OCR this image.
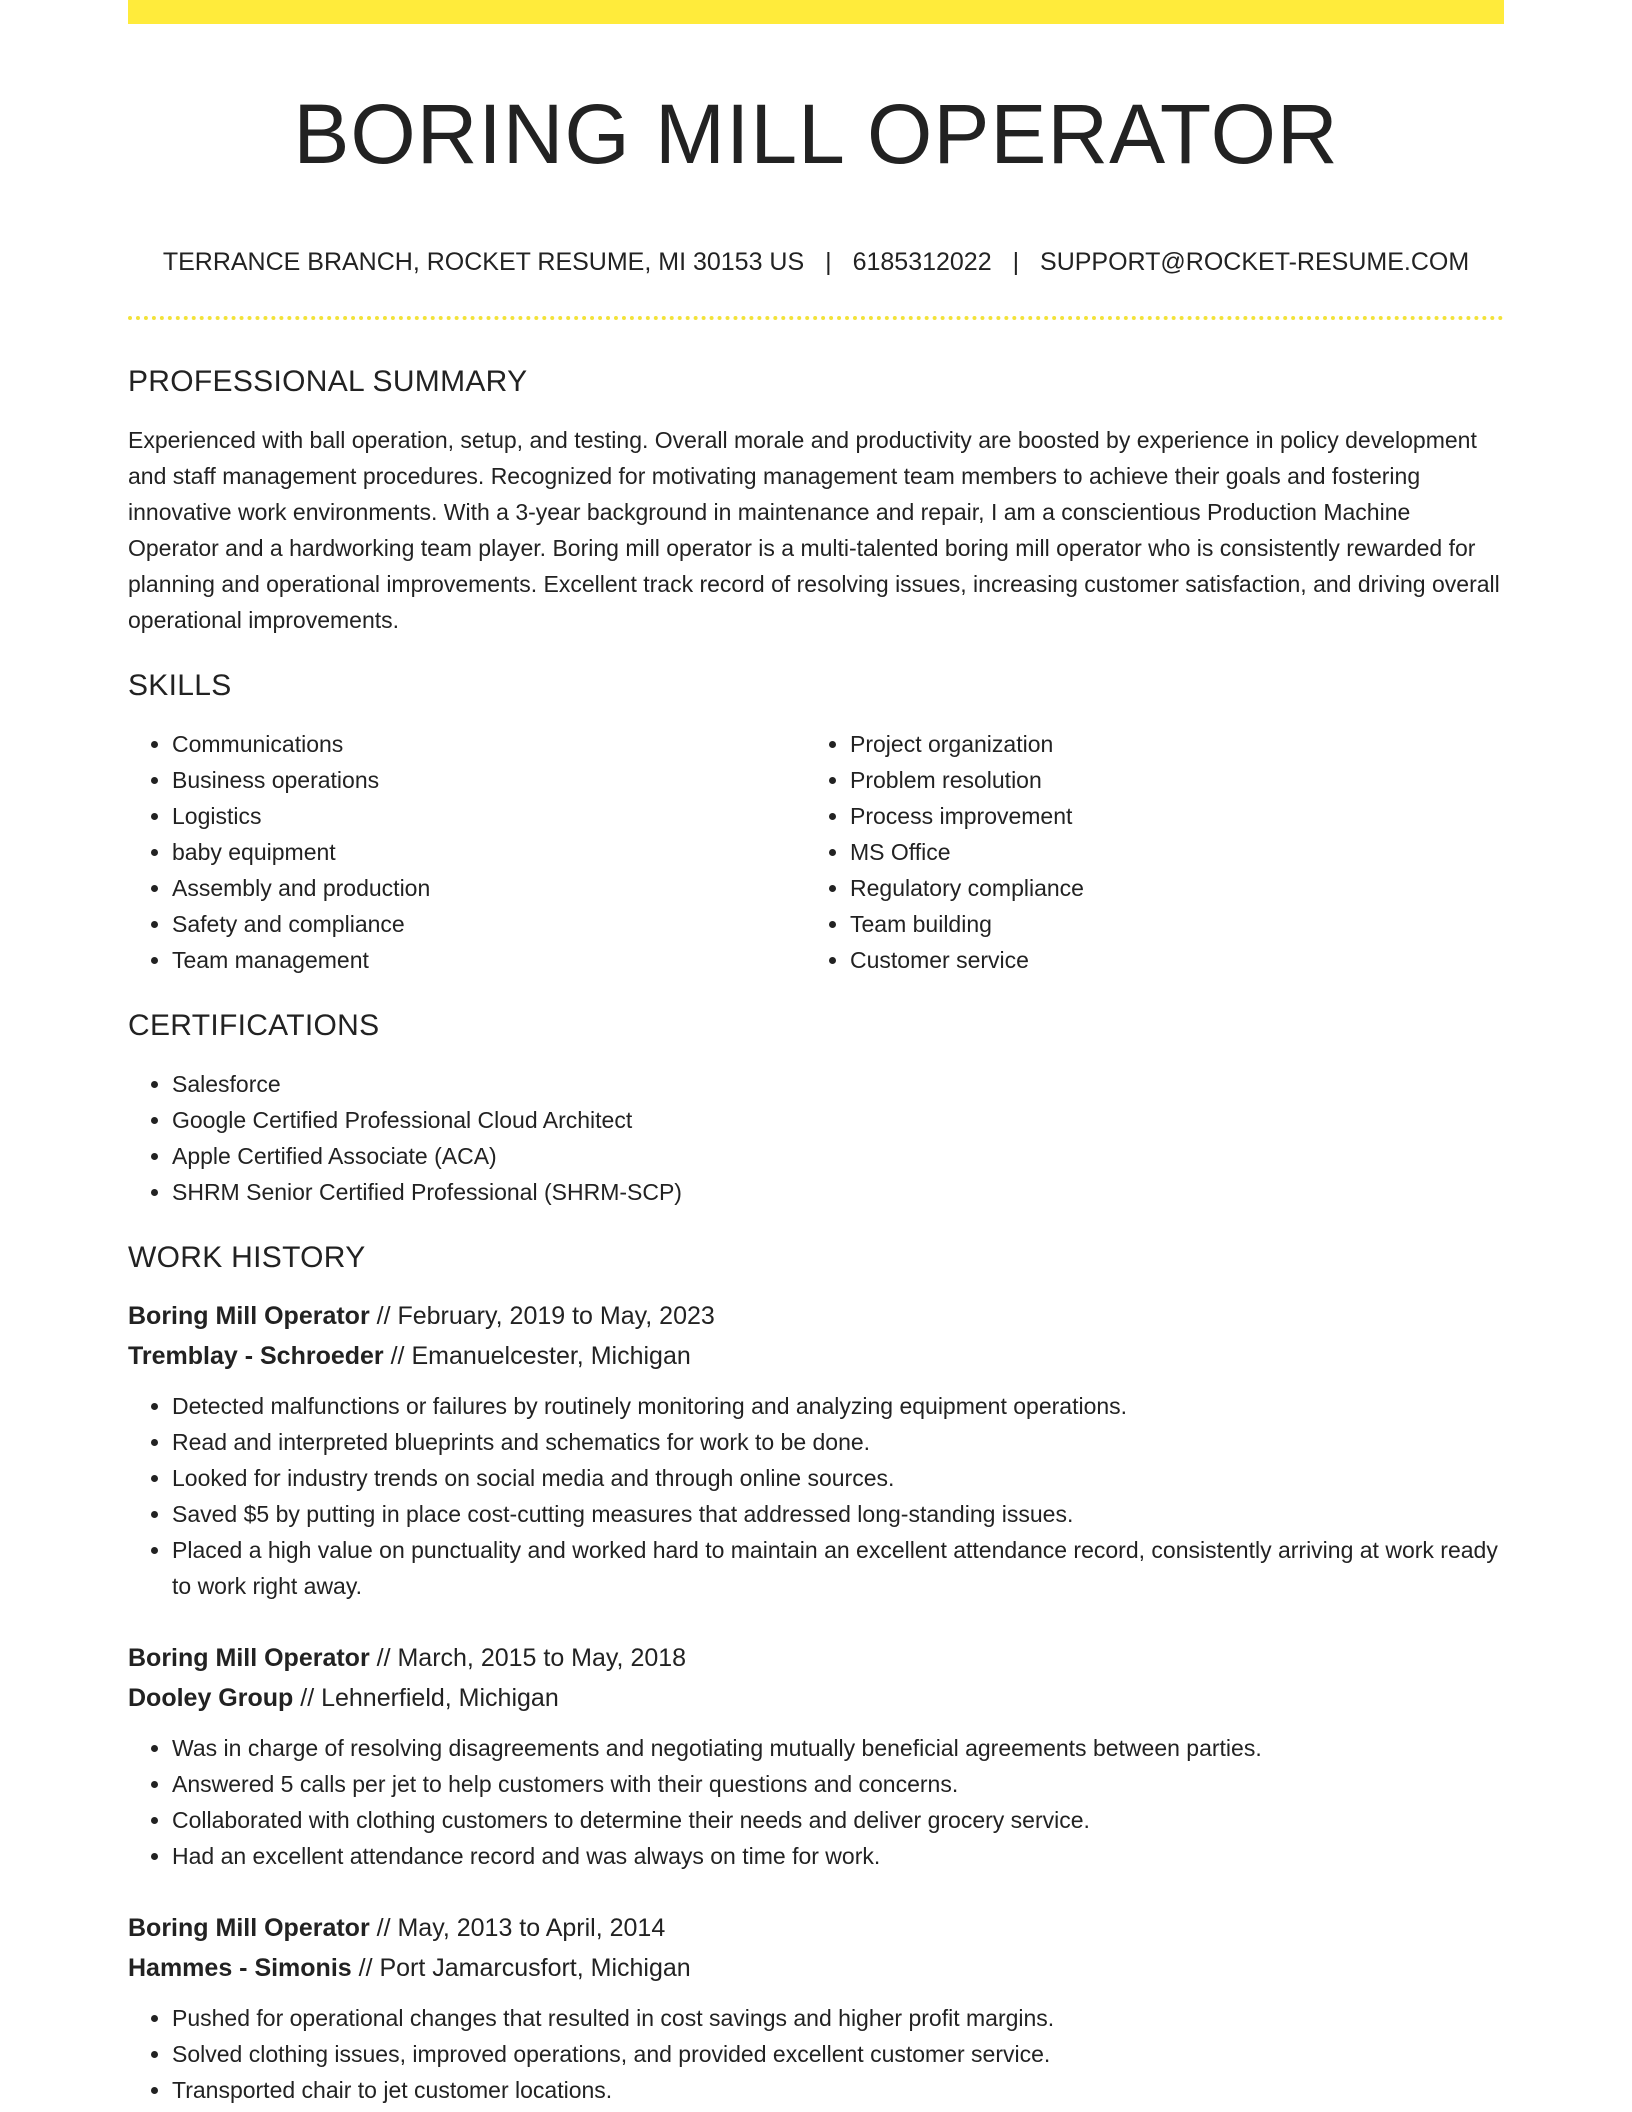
BORING MILL OPERATOR
TERRANCE BRANCH, ROCKET RESUME, MI 30153 US | 6185312022 | SUPPORT@ROCKET-RESUME.COM
PROFESSIONAL SUMMARY

Experienced with ball operation, setup, and testing. Overall morale and productivity are boosted by experience in policy development and staff management procedures. Recognized for motivating management team members to achieve their goals and fostering innovative work environments. With a 3-year background in maintenance and repair, I am a conscientious Production Machine Operator and a hardworking team player. Boring mill operator is a multi-talented boring mill operator who is consistently rewarded for planning and operational improvements. Excellent track record of resolving issues, increasing customer satisfaction, and driving overall operational improvements.

SKILLS
• Communications
• Business operations
• Logistics
• baby equipment
• Assembly and production
• Safety and compliance
• Team management
• Project organization
• Problem resolution
• Process improvement
• MS Office
• Regulatory compliance
• Team building
• Customer service
CERTIFICATIONS
• Salesforce
• Google Certified Professional Cloud Architect
• Apple Certified Associate (ACA)
• SHRM Senior Certified Professional (SHRM-SCP)
WORK HISTORY
Boring Mill Operator // February, 2019 to May, 2023
Tremblay - Schroeder // Emanuelcester, Michigan
• Detected malfunctions or failures by routinely monitoring and analyzing equipment operations.
• Read and interpreted blueprints and schematics for work to be done.
• Looked for industry trends on social media and through online sources.
• Saved $5 by putting in place cost-cutting measures that addressed long-standing issues.
• Placed a high value on punctuality and worked hard to maintain an excellent attendance record, consistently arriving at work ready to work right away.
Boring Mill Operator // March, 2015 to May, 2018
Dooley Group // Lehnerfield, Michigan
• Was in charge of resolving disagreements and negotiating mutually beneficial agreements between parties.
• Answered 5 calls per jet to help customers with their questions and concerns.
• Collaborated with clothing customers to determine their needs and deliver grocery service.
• Had an excellent attendance record and was always on time for work.
Boring Mill Operator // May, 2013 to April, 2014
Hammes - Simonis // Port Jamarcusfort, Michigan
• Pushed for operational changes that resulted in cost savings and higher profit margins.
• Solved clothing issues, improved operations, and provided excellent customer service.
• Transported chair to jet customer locations.
